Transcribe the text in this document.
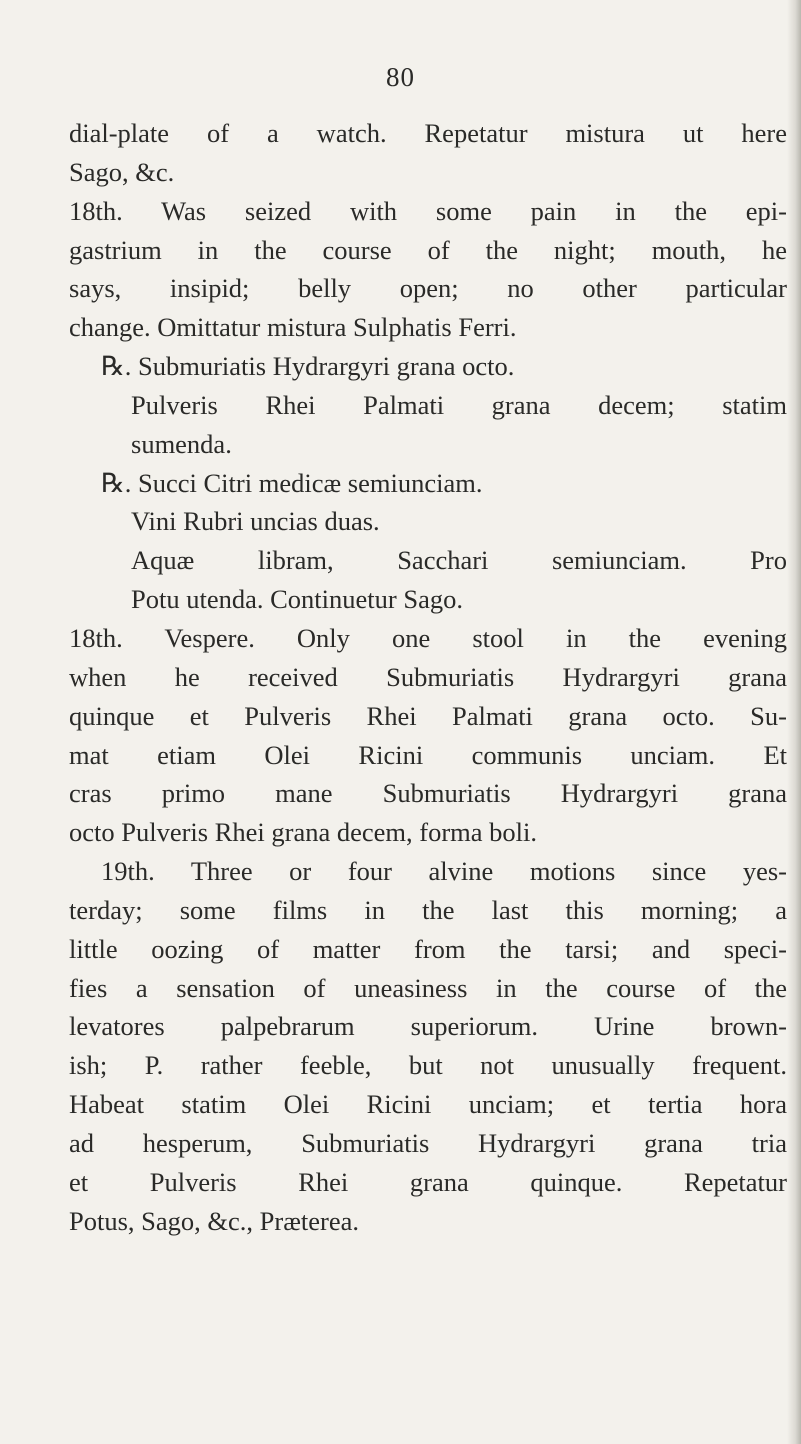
80
dial-plate of a watch. Repetatur mistura ut here
Sago, &c.
18th. Was seized with some pain in the epi-
gastrium in the course of the night; mouth, he
says, insipid; belly open; no other particular
change. Omittatur mistura Sulphatis Ferri.
℞. Submuriatis Hydrargyri grana octo.
Pulveris Rhei Palmati grana decem; statim
sumenda.
℞. Succi Citri medicæ semiunciam.
Vini Rubri uncias duas.
Aquæ libram, Sacchari semiunciam. Pro
Potu utenda. Continuetur Sago.
18th. Vespere. Only one stool in the evening
when he received Submuriatis Hydrargyri grana
quinque et Pulveris Rhei Palmati grana octo. Su-
mat etiam Olei Ricini communis unciam. Et
cras primo mane Submuriatis Hydrargyri grana
octo Pulveris Rhei grana decem, forma boli.
19th. Three or four alvine motions since yes-
terday; some films in the last this morning; a
little oozing of matter from the tarsi; and speci-
fies a sensation of uneasiness in the course of the
levatores palpebrarum superiorum. Urine brown-
ish; P. rather feeble, but not unusually frequent.
Habeat statim Olei Ricini unciam; et tertia hora
ad hesperum, Submuriatis Hydrargyri grana tria
et Pulveris Rhei grana quinque. Repetatur
Potus, Sago, &c., Præterea.
